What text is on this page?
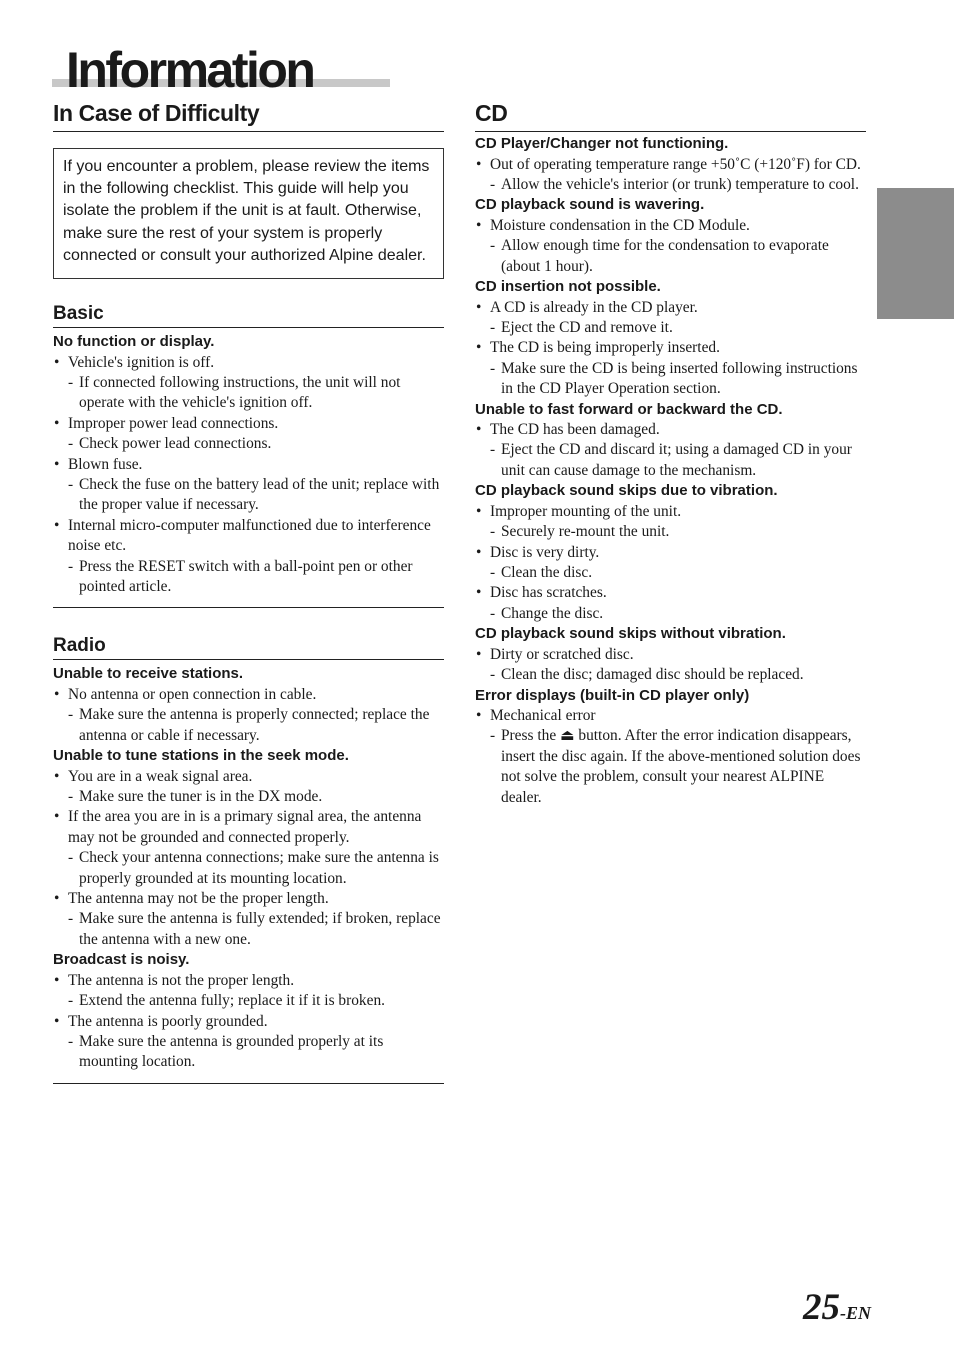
Information
In Case of Difficulty
If you encounter a problem, please review the items in the following checklist. This guide will help you isolate the problem if the unit is at fault. Otherwise, make sure the rest of your system is properly connected or consult your authorized Alpine dealer.
Basic

No function or display.

• Vehicle's ignition is off.

- If connected following instructions, the unit will not operate with the vehicle's ignition off.

• Improper power lead connections.

- Check power lead connections.

• Blown fuse.

- Check the fuse on the battery lead of the unit; replace with the proper value if necessary.

• Internal micro-computer malfunctioned due to interference noise etc.

- Press the RESET switch with a ball-point pen or other pointed article.

Radio

Unable to receive stations.

• No antenna or open connection in cable.

- Make sure the antenna is properly connected; replace the antenna or cable if necessary.

Unable to tune stations in the seek mode.

• You are in a weak signal area.

- Make sure the tuner is in the DX mode.

• If the area you are in is a primary signal area, the antenna may not be grounded and connected properly.

- Check your antenna connections; make sure the antenna is properly grounded at its mounting location.

• The antenna may not be the proper length.

- Make sure the antenna is fully extended; if broken, replace the antenna with a new one.

Broadcast is noisy.

• The antenna is not the proper length.

- Extend the antenna fully; replace it if it is broken.

• The antenna is poorly grounded.

- Make sure the antenna is grounded properly at its mounting location.

CD

CD Player/Changer not functioning.

• Out of operating temperature range +50˚C (+120˚F) for CD.

- Allow the vehicle's interior (or trunk) temperature to cool.

CD playback sound is wavering.

• Moisture condensation in the CD Module.

- Allow enough time for the condensation to evaporate (about 1 hour).

CD insertion not possible.

• A CD is already in the CD player.

- Eject the CD and remove it.

• The CD is being improperly inserted.

- Make sure the CD is being inserted following instructions in the CD Player Operation section.

Unable to fast forward or backward the CD.

• The CD has been damaged.

- Eject the CD and discard it; using a damaged CD in your unit can cause damage to the mechanism.

CD playback sound skips due to vibration.

• Improper mounting of the unit.

- Securely re-mount the unit.

• Disc is very dirty.

- Clean the disc.

• Disc has scratches.

- Change the disc.

CD playback sound skips without vibration.

• Dirty or scratched disc.

- Clean the disc; damaged disc should be replaced.

Error displays (built-in CD player only)

• Mechanical error

- Press the ⏏ button. After the error indication disappears, insert the disc again. If the above-mentioned solution does not solve the problem, consult your nearest ALPINE dealer.

25-EN
